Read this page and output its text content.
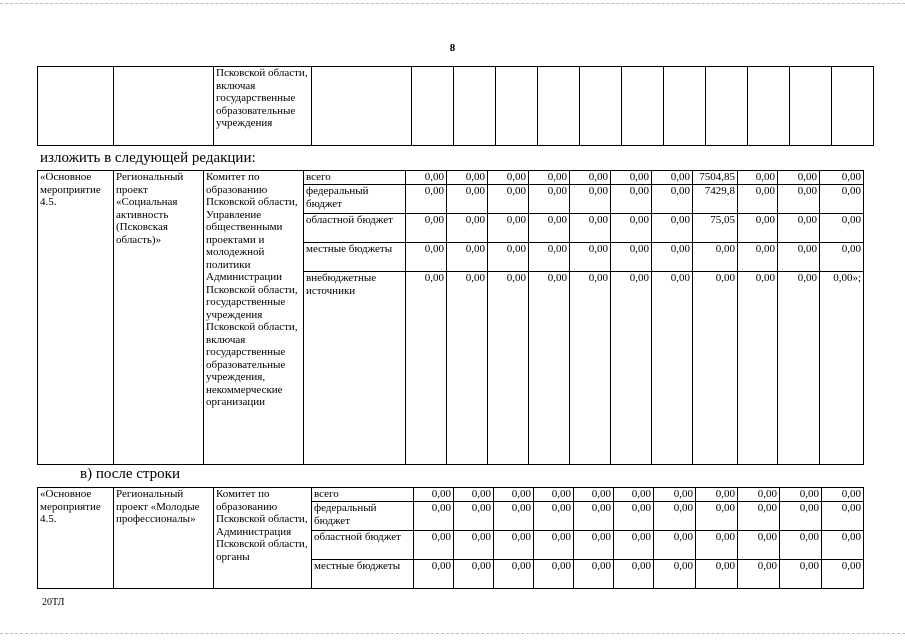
8
		Псковской области, включая государственные образовательные учреждения												
изложить в следующей редакции:
«Основное мероприятие 4.5.	Региональный проект «Социальная активность (Псковская область)»	Комитет по образованию Псковской области, Управление общественными проектами и молодежной политики Администрации Псковской области, государственные учреждения Псковской области, включая государственные образовательные учреждения, некоммерческие организации	всего	0,00	0,00	0,00	0,00	0,00	0,00	0,00	7504,85	0,00	0,00	0,00
			федеральный бюджет	0,00	0,00	0,00	0,00	0,00	0,00	0,00	7429,8	0,00	0,00	0,00
			областной бюджет	0,00	0,00	0,00	0,00	0,00	0,00	0,00	75,05	0,00	0,00	0,00
			местные бюджеты	0,00	0,00	0,00	0,00	0,00	0,00	0,00	0,00	0,00	0,00	0,00
			внебюджетные источники	0,00	0,00	0,00	0,00	0,00	0,00	0,00	0,00	0,00	0,00	0,00»;
в) после строки
«Основное мероприятие 4.5.	Региональный проект «Молодые профессионалы»	Комитет по образованию Псковской области, Администрация Псковской области, органы	всего	0,00	0,00	0,00	0,00	0,00	0,00	0,00	0,00	0,00	0,00	0,00
			федеральный бюджет	0,00	0,00	0,00	0,00	0,00	0,00	0,00	0,00	0,00	0,00	0,00
			областной бюджет	0,00	0,00	0,00	0,00	0,00	0,00	0,00	0,00	0,00	0,00	0,00
			местные бюджеты	0,00	0,00	0,00	0,00	0,00	0,00	0,00	0,00	0,00	0,00	0,00
20ТЛ
